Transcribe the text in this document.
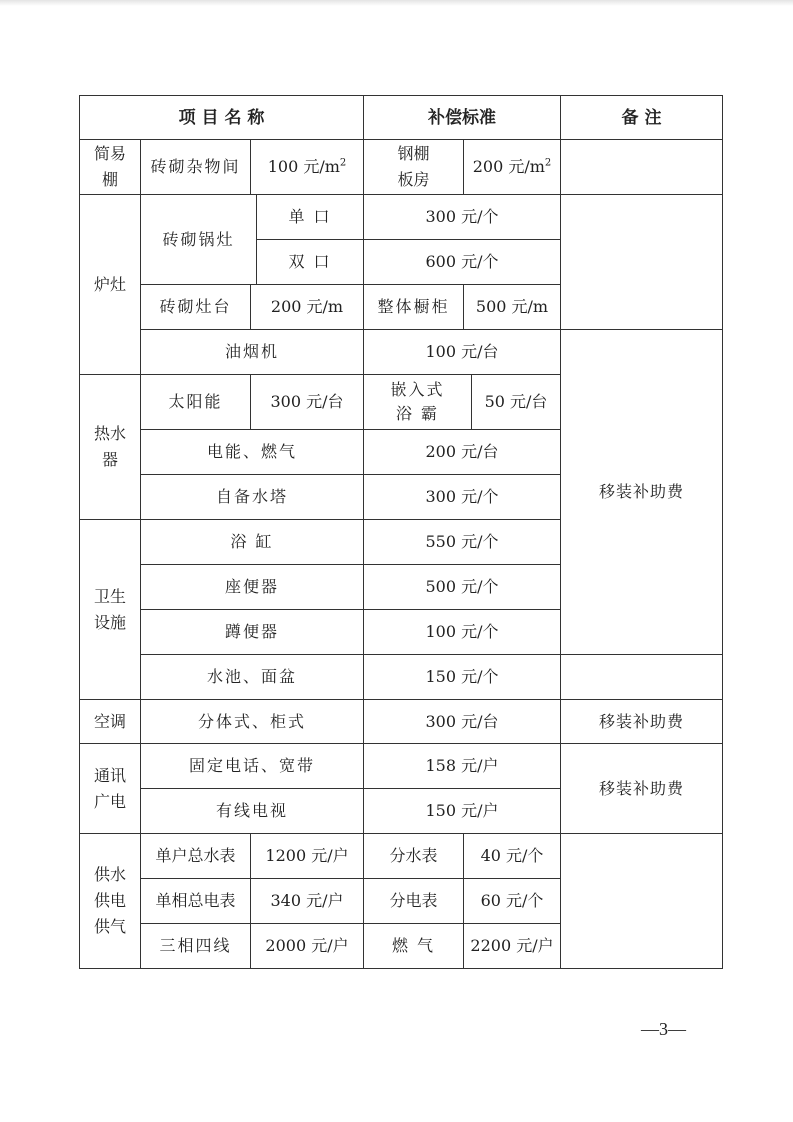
项 目 名 称				补偿标准			备 注

简易棚	砖砌杂物间	100 元$/m^2$		钢棚板房	200 元$/m^2$	
炉灶	砖砌锅灶		单 口	300 元/个			
			双 口	600 元/个			
	砖砌灶台	200 元/m		整体橱柜	500 元/m		
	油烟机			100 元/台			移装补助费

热水器	太阳能	300 元/台		嵌入式浴 霸		50 元/台	
	电能、燃气			200 元/台			
	自备水塔			300 元/个			

卫生设施	浴 缸			550 元/个			
	座便器			500 元/个			
	蹲便器			100 元/个			
	水池、面盆			150 元/个			
空调	分体式、柜式			300 元/台			移装补助费

通讯广电	固定电话、宽带			158 元/户			移装补助费
	有线电视			150 元/户			

供水供电供气	单户总水表	1200 元/户		分水表	40 元/个		
	单相总电表	340 元/户		分电表	60 元/个		
	三相四线	2000 元/户		燃 气	2200 元/户		
—3—
